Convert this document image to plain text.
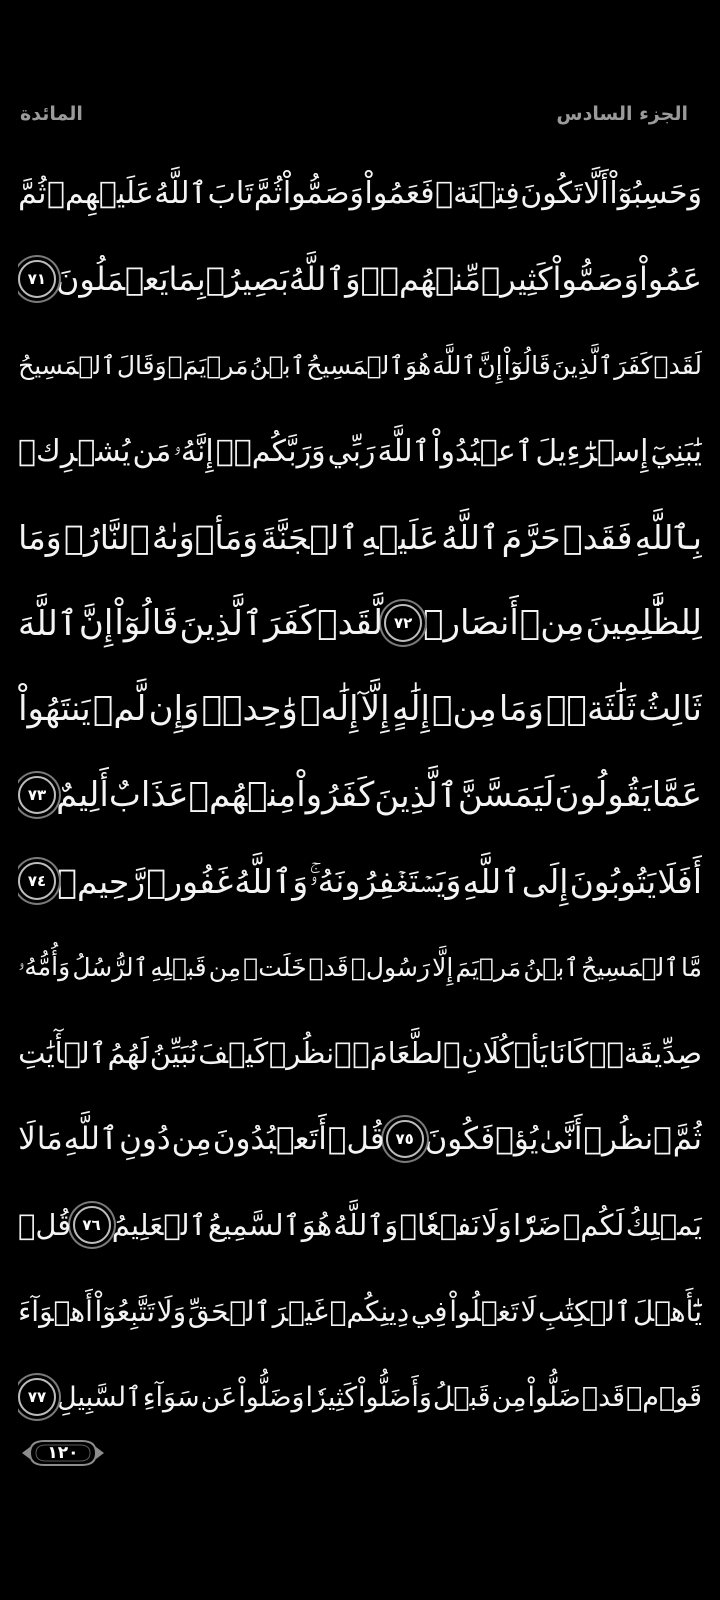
المائدة	الجزء السادس
وَحَسِبُوٓاْ
أَلَّا
تَكُونَ
فِتۡنَةٞ
فَعَمُواْ
وَصَمُّواْ
ثُمَّ
تَابَ
ٱللَّهُ
عَلَيۡهِمۡ
ثُمَّ
عَمُواْ
وَصَمُّواْ
كَثِيرٞ
مِّنۡهُمۡۚ
وَٱللَّهُ
بَصِيرُۢ
بِمَا
يَعۡمَلُونَ
٧١
لَقَدۡ
كَفَرَ
ٱلَّذِينَ
قَالُوٓاْ
إِنَّ
ٱللَّهَ
هُوَ
ٱلۡمَسِيحُ
ٱبۡنُ
مَرۡيَمَۖ
وَقَالَ
ٱلۡمَسِيحُ
يَٰبَنِيٓ
إِسۡرَٰٓءِيلَ
ٱعۡبُدُواْ
ٱللَّهَ
رَبِّي
وَرَبَّكُمۡۖ
إِنَّهُۥ
مَن
يُشۡرِكۡ
بِٱللَّهِ
فَقَدۡ
حَرَّمَ
ٱللَّهُ
عَلَيۡهِ
ٱلۡجَنَّةَ
وَمَأۡوَىٰهُ
ٱلنَّارُۖ
وَمَا
لِلظَّٰلِمِينَ
مِنۡ
أَنصَارٖ
٧٢
لَّقَدۡ
كَفَرَ
ٱلَّذِينَ
قَالُوٓاْ
إِنَّ
ٱللَّهَ
ثَالِثُ
ثَلَٰثَةٖۘ
وَمَا
مِنۡ
إِلَٰهٍ
إِلَّآ
إِلَٰهٞ
وَٰحِدٞۚ
وَإِن
لَّمۡ
يَنتَهُواْ
عَمَّا
يَقُولُونَ
لَيَمَسَّنَّ
ٱلَّذِينَ
كَفَرُواْ
مِنۡهُمۡ
عَذَابٌ
أَلِيمٌ
٧٣
أَفَلَا
يَتُوبُونَ
إِلَى
ٱللَّهِ
وَيَسۡتَغۡفِرُونَهُۥۚ
وَٱللَّهُ
غَفُورٞ
رَّحِيمٞ
٧٤
مَّا
ٱلۡمَسِيحُ
ٱبۡنُ
مَرۡيَمَ
إِلَّا
رَسُولٞ
قَدۡ
خَلَتۡ
مِن
قَبۡلِهِ
ٱلرُّسُلُ
وَأُمُّهُۥ
صِدِّيقَةٞۖ
كَانَا
يَأۡكُلَانِ
ٱلطَّعَامَۗ
ٱنظُرۡ
كَيۡفَ
نُبَيِّنُ
لَهُمُ
ٱلۡأٓيَٰتِ
ثُمَّ
ٱنظُرۡ
أَنَّىٰ
يُؤۡفَكُونَ
٧٥
قُلۡ
أَتَعۡبُدُونَ
مِن
دُونِ
ٱللَّهِ
مَا
لَا
يَمۡلِكُ
لَكُمۡ
ضَرّٗا
وَلَا
نَفۡعٗاۚ
وَٱللَّهُ
هُوَ
ٱلسَّمِيعُ
ٱلۡعَلِيمُ
٧٦
قُلۡ
يَٰٓأَهۡلَ
ٱلۡكِتَٰبِ
لَا
تَغۡلُواْ
فِي
دِينِكُمۡ
غَيۡرَ
ٱلۡحَقِّ
وَلَا
تَتَّبِعُوٓاْ
أَهۡوَآءَ
قَوۡمٖ
قَدۡ
ضَلُّواْ
مِن
قَبۡلُ
وَأَضَلُّواْ
كَثِيرٗا
وَضَلُّواْ
عَن
سَوَآءِ
ٱلسَّبِيلِ
٧٧
١٢٠
